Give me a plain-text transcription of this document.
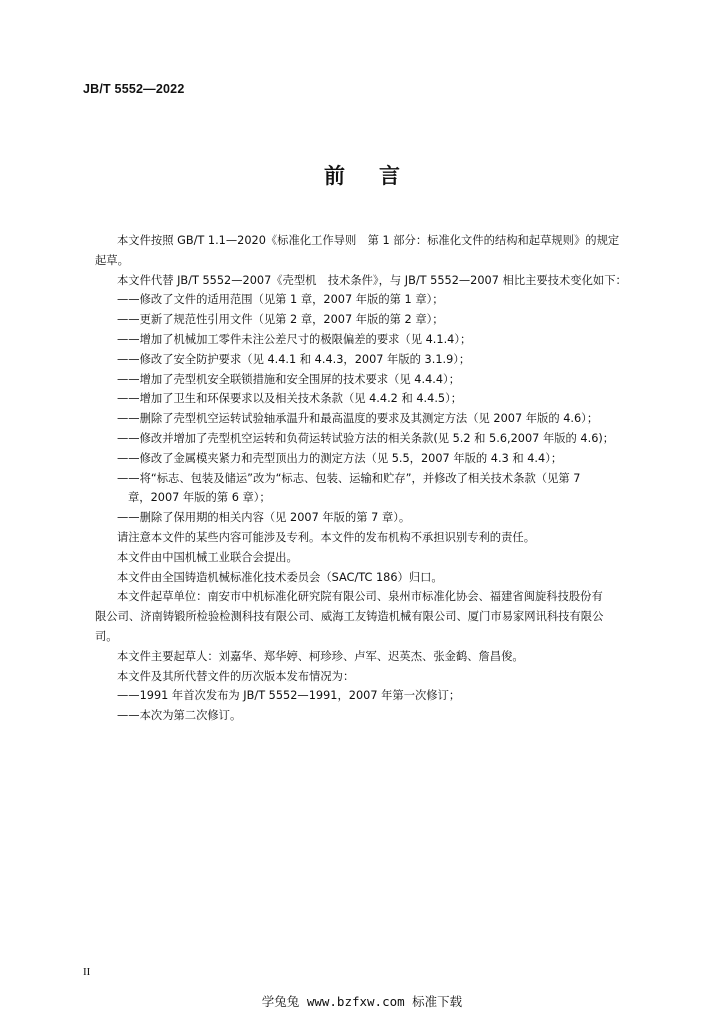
JB/T 5552—2022
前 言

本文件按照 GB/T 1.1—2020《标准化工作导则　第 1 部分：标准化文件的结构和起草规则》的规定

起草。

本文件代替 JB/T 5552—2007《壳型机　技术条件》，与 JB/T 5552—2007 相比主要技术变化如下：

——修改了文件的适用范围（见第 1 章，2007 年版的第 1 章）；

——更新了规范性引用文件（见第 2 章，2007 年版的第 2 章）；

——增加了机械加工零件未注公差尺寸的极限偏差的要求（见 4.1.4）；

——修改了安全防护要求（见 4.4.1 和 4.4.3，2007 年版的 3.1.9）；

——增加了壳型机安全联锁措施和安全围屏的技术要求（见 4.4.4）；

——增加了卫生和环保要求以及相关技术条款（见 4.4.2 和 4.4.5）；

——删除了壳型机空运转试验轴承温升和最高温度的要求及其测定方法（见 2007 年版的 4.6）；

——修改并增加了壳型机空运转和负荷运转试验方法的相关条款(见 5.2 和 5.6,2007 年版的 4.6)；

——修改了金属模夹紧力和壳型顶出力的测定方法（见 5.5，2007 年版的 4.3 和 4.4）；

——将“标志、包装及储运”改为“标志、包装、运输和贮存”，并修改了相关技术条款（见第 7
章，2007 年版的第 6 章）；

——删除了保用期的相关内容（见 2007 年版的第 7 章）。

请注意本文件的某些内容可能涉及专利。本文件的发布机构不承担识别专利的责任。

本文件由中国机械工业联合会提出。

本文件由全国铸造机械标准化技术委员会（SAC/TC 186）归口。

本文件起草单位：南安市中机标准化研究院有限公司、泉州市标准化协会、福建省闽旋科技股份有

限公司、济南铸锻所检验检测科技有限公司、威海工友铸造机械有限公司、厦门市易家网讯科技有限公

司。

本文件主要起草人：刘嘉华、郑华婷、柯珍珍、卢军、迟英杰、张金鹤、詹昌俊。

本文件及其所代替文件的历次版本发布情况为：

——1991 年首次发布为 JB/T 5552—1991，2007 年第一次修订；

——本次为第二次修订。

II
学兔兔 www.bzfxw.com 标准下载
